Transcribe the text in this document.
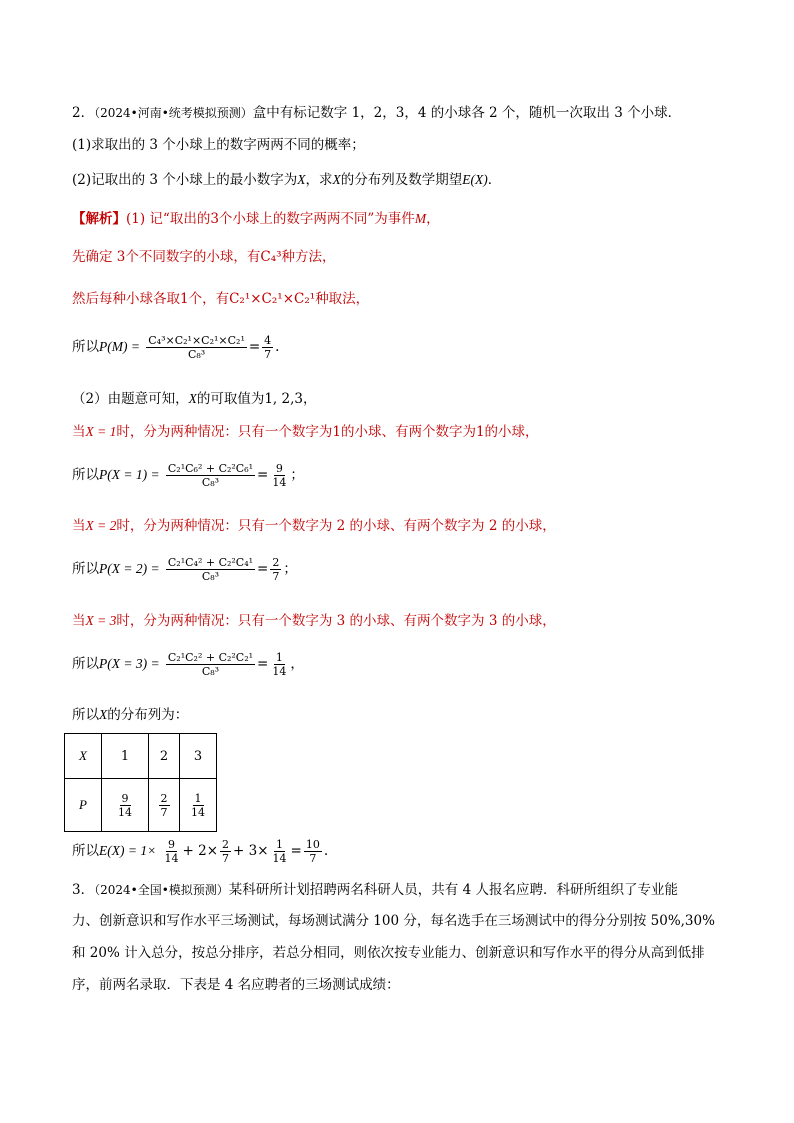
2．（2024•河南•统考模拟预测）盒中有标记数字 1，2，3，4 的小球各 2 个，随机一次取出 3 个小球．
(1)求取出的 3 个小球上的数字两两不同的概率；
(2)记取出的 3 个小球上的最小数字为X，求X的分布列及数学期望E(X)．
【解析】(1) 记“取出的3个小球上的数字两两不同”为事件M，
先确定 3个不同数字的小球，有C₄³种方法，
然后每种小球各取1个，有C₂¹×C₂¹×C₂¹种取法，
所以$P(M) = \frac{\text{C₄³×C₂¹×C₂¹×C₂¹}}{\text{C₈³}} = \frac{4}{7}$ .
（2）由题意可知，X的可取值为1, 2,3，
当X = 1时，分为两种情况：只有一个数字为1的小球、有两个数字为1的小球，
所以$P(X = 1) = \frac{\text{C₂¹C₆² + C₂²C₆¹}}{\text{C₈³}} = \frac{9}{14}$ ；
当X = 2时，分为两种情况：只有一个数字为 2 的小球、有两个数字为 2 的小球，
所以$P(X = 2) = \frac{\text{C₂¹C₄² + C₂²C₄¹}}{\text{C₈³}} = \frac{2}{7}$ ；
当X = 3时，分为两种情况：只有一个数字为 3 的小球、有两个数字为 3 的小球，
所以$P(X = 3) = \frac{\text{C₂¹C₂² + C₂²C₂¹}}{\text{C₈³}} = \frac{1}{14}$ ，
所以X的分布列为：
X	1	2	3
P	$\frac{9}{14}$	$\frac{2}{7}$	$\frac{1}{14}$
所以$E(X) = 1\times \frac{9}{14} + 2\times \frac{2}{7} + 3\times \frac{1}{14} = \frac{10}{7}$ .
3．（2024•全国•模拟预测）某科研所计划招聘两名科研人员，共有 4 人报名应聘．科研所组织了专业能
力、创新意识和写作水平三场测试，每场测试满分 100 分，每名选手在三场测试中的得分分别按 50%,30%
和 20% 计入总分，按总分排序，若总分相同，则依次按专业能力、创新意识和写作水平的得分从高到低排
序，前两名录取．下表是 4 名应聘者的三场测试成绩：
